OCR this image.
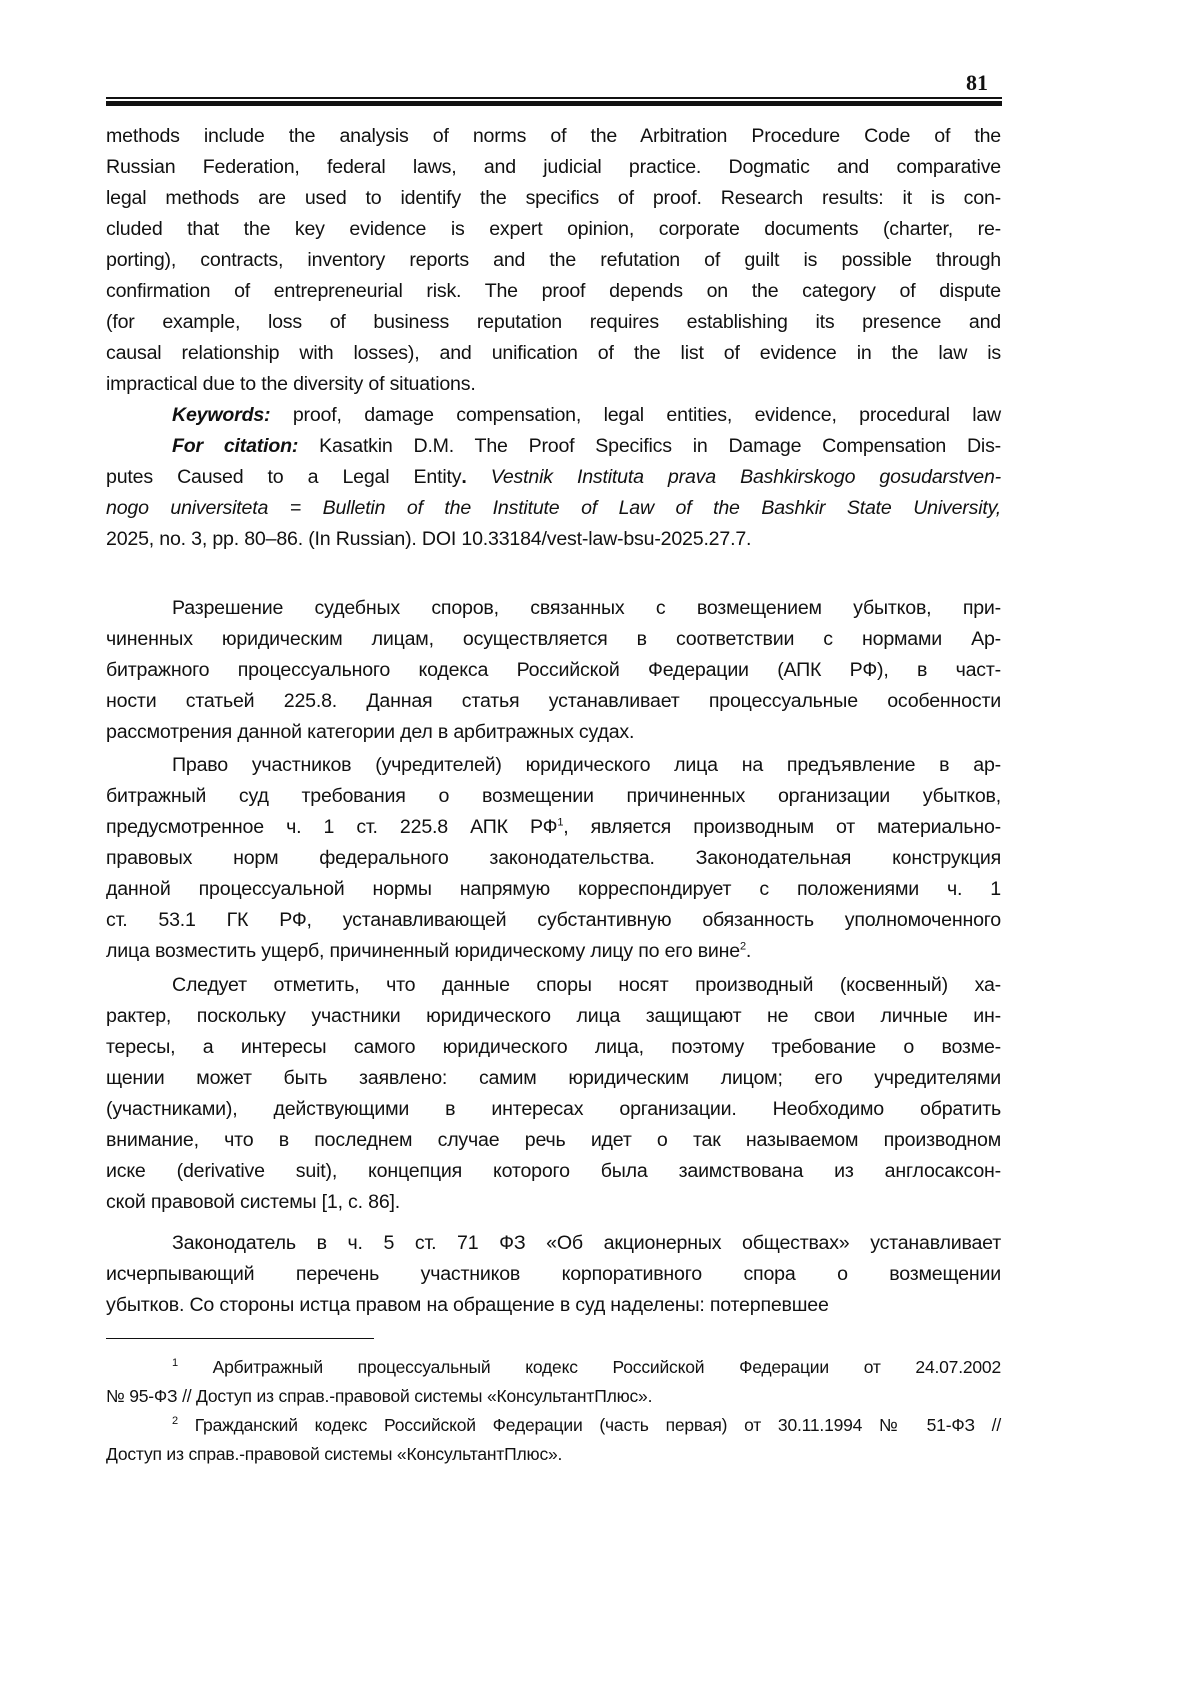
81
methods include the analysis of norms of the Arbitration Procedure Code of the
Russian Federation, federal laws, and judicial practice. Dogmatic and comparative
legal methods are used to identify the specifics of proof. Research results: it is con-
cluded that the key evidence is expert opinion, corporate documents (charter, re-
porting), contracts, inventory reports and the refutation of guilt is possible through
confirmation of entrepreneurial risk. The proof depends on the category of dispute
(for example, loss of business reputation requires establishing its presence and
causal relationship with losses), and unification of the list of evidence in the law is
impractical due to the diversity of situations.
Keywords: proof, damage compensation, legal entities, evidence, procedural law
For citation: Kasatkin D.M. The Proof Specifics in Damage Compensation Dis-
putes Caused to a Legal Entity. Vestnik Instituta prava Bashkirskogo gosudarstven-
nogo universiteta = Bulletin of the Institute of Law of the Bashkir State University,
2025, no. 3, pp. 80–86. (In Russian). DOI 10.33184/vest-law-bsu-2025.27.7.
Разрешение судебных споров, связанных с возмещением убытков, при-
чиненных юридическим лицам, осуществляется в соответствии с нормами Ар-
битражного процессуального кодекса Российской Федерации (АПК РФ), в част-
ности статьей 225.8. Данная статья устанавливает процессуальные особенности
рассмотрения данной категории дел в арбитражных судах.
Право участников (учредителей) юридического лица на предъявление в ар-
битражный суд требования о возмещении причиненных организации убытков,
предусмотренное ч. 1 ст. 225.8 АПК $РФ^1$, является производным от материально-
правовых норм федерального законодательства. Законодательная конструкция
данной процессуальной нормы напрямую корреспондирует с положениями ч. 1
ст. 53.1 ГК РФ, устанавливающей субстантивную обязанность уполномоченного
лица возместить ущерб, причиненный юридическому лицу по его вине$^2$.
Следует отметить, что данные споры носят производный (косвенный) ха-
рактер, поскольку участники юридического лица защищают не свои личные ин-
тересы, а интересы самого юридического лица, поэтому требование о возме-
щении может быть заявлено: самим юридическим лицом; его учредителями
(участниками), действующими в интересах организации. Необходимо обратить
внимание, что в последнем случае речь идет о так называемом производном
иске (derivative suit), концепция которого была заимствована из англосаксон-
ской правовой системы [1, с. 86].
Законодатель в ч. 5 ст. 71 ФЗ «Об акционерных обществах» устанавливает
исчерпывающий перечень участников корпоративного спора о возмещении
убытков. Со стороны истца правом на обращение в суд наделены: потерпевшее
$^1$ Арбитражный процессуальный кодекс Российской Федерации от 24.07.2002
№ 95-ФЗ // Доступ из справ.-правовой системы «КонсультантПлюс».
$^2$ Гражданский кодекс Российской Федерации (часть первая) от 30.11.1994 № 51-ФЗ //
Доступ из справ.-правовой системы «КонсультантПлюс».
